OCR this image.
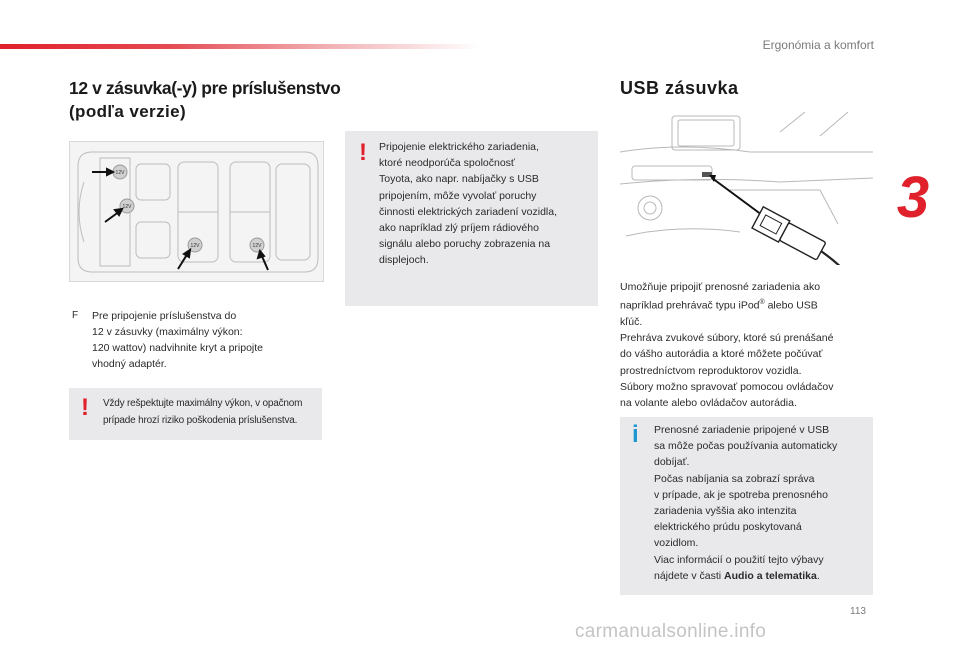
Ergonómia a komfort
3
12 v zásuvka(-y) pre príslušenstvo
(podľa verzie)
12V
12V
12V	12V
F Pre pripojenie príslušenstva do
12 v zásuvky (maximálny výkon:
120 wattov) nadvihnite kryt a pripojte
vhodný adaptér.
! Vždy rešpektujte maximálny výkon, v opačnom
prípade hrozí riziko poškodenia príslušenstva.
! Pripojenie elektrického zariadenia,
ktoré neodporúča spoločnosť
Toyota, ako napr. nabíjačky s USB
pripojením, môže vyvolať poruchy
činnosti elektrických zariadení vozidla,
ako napríklad zlý príjem rádiového
signálu alebo poruchy zobrazenia na
displejoch.
USB zásuvka
Umožňuje pripojiť prenosné zariadenia ako
napríklad prehrávač typu iPod® alebo USB
kľúč.
Prehráva zvukové súbory, ktoré sú prenášané
do vášho autorádia a ktoré môžete počúvať
prostredníctvom reproduktorov vozidla.
Súbory možno spravovať pomocou ovládačov
na volante alebo ovládačov autorádia.
i	Prenosné zariadenie pripojené v USB
sa môže počas používania automaticky
dobíjať.
Počas nabíjania sa zobrazí správa
v prípade, ak je spotreba prenosného
zariadenia vyššia ako intenzita
elektrického prúdu poskytovaná
vozidlom.
Viac informácií o použití tejto výbavy
nájdete v časti Audio a telematika.
113
carmanualsonline.info
